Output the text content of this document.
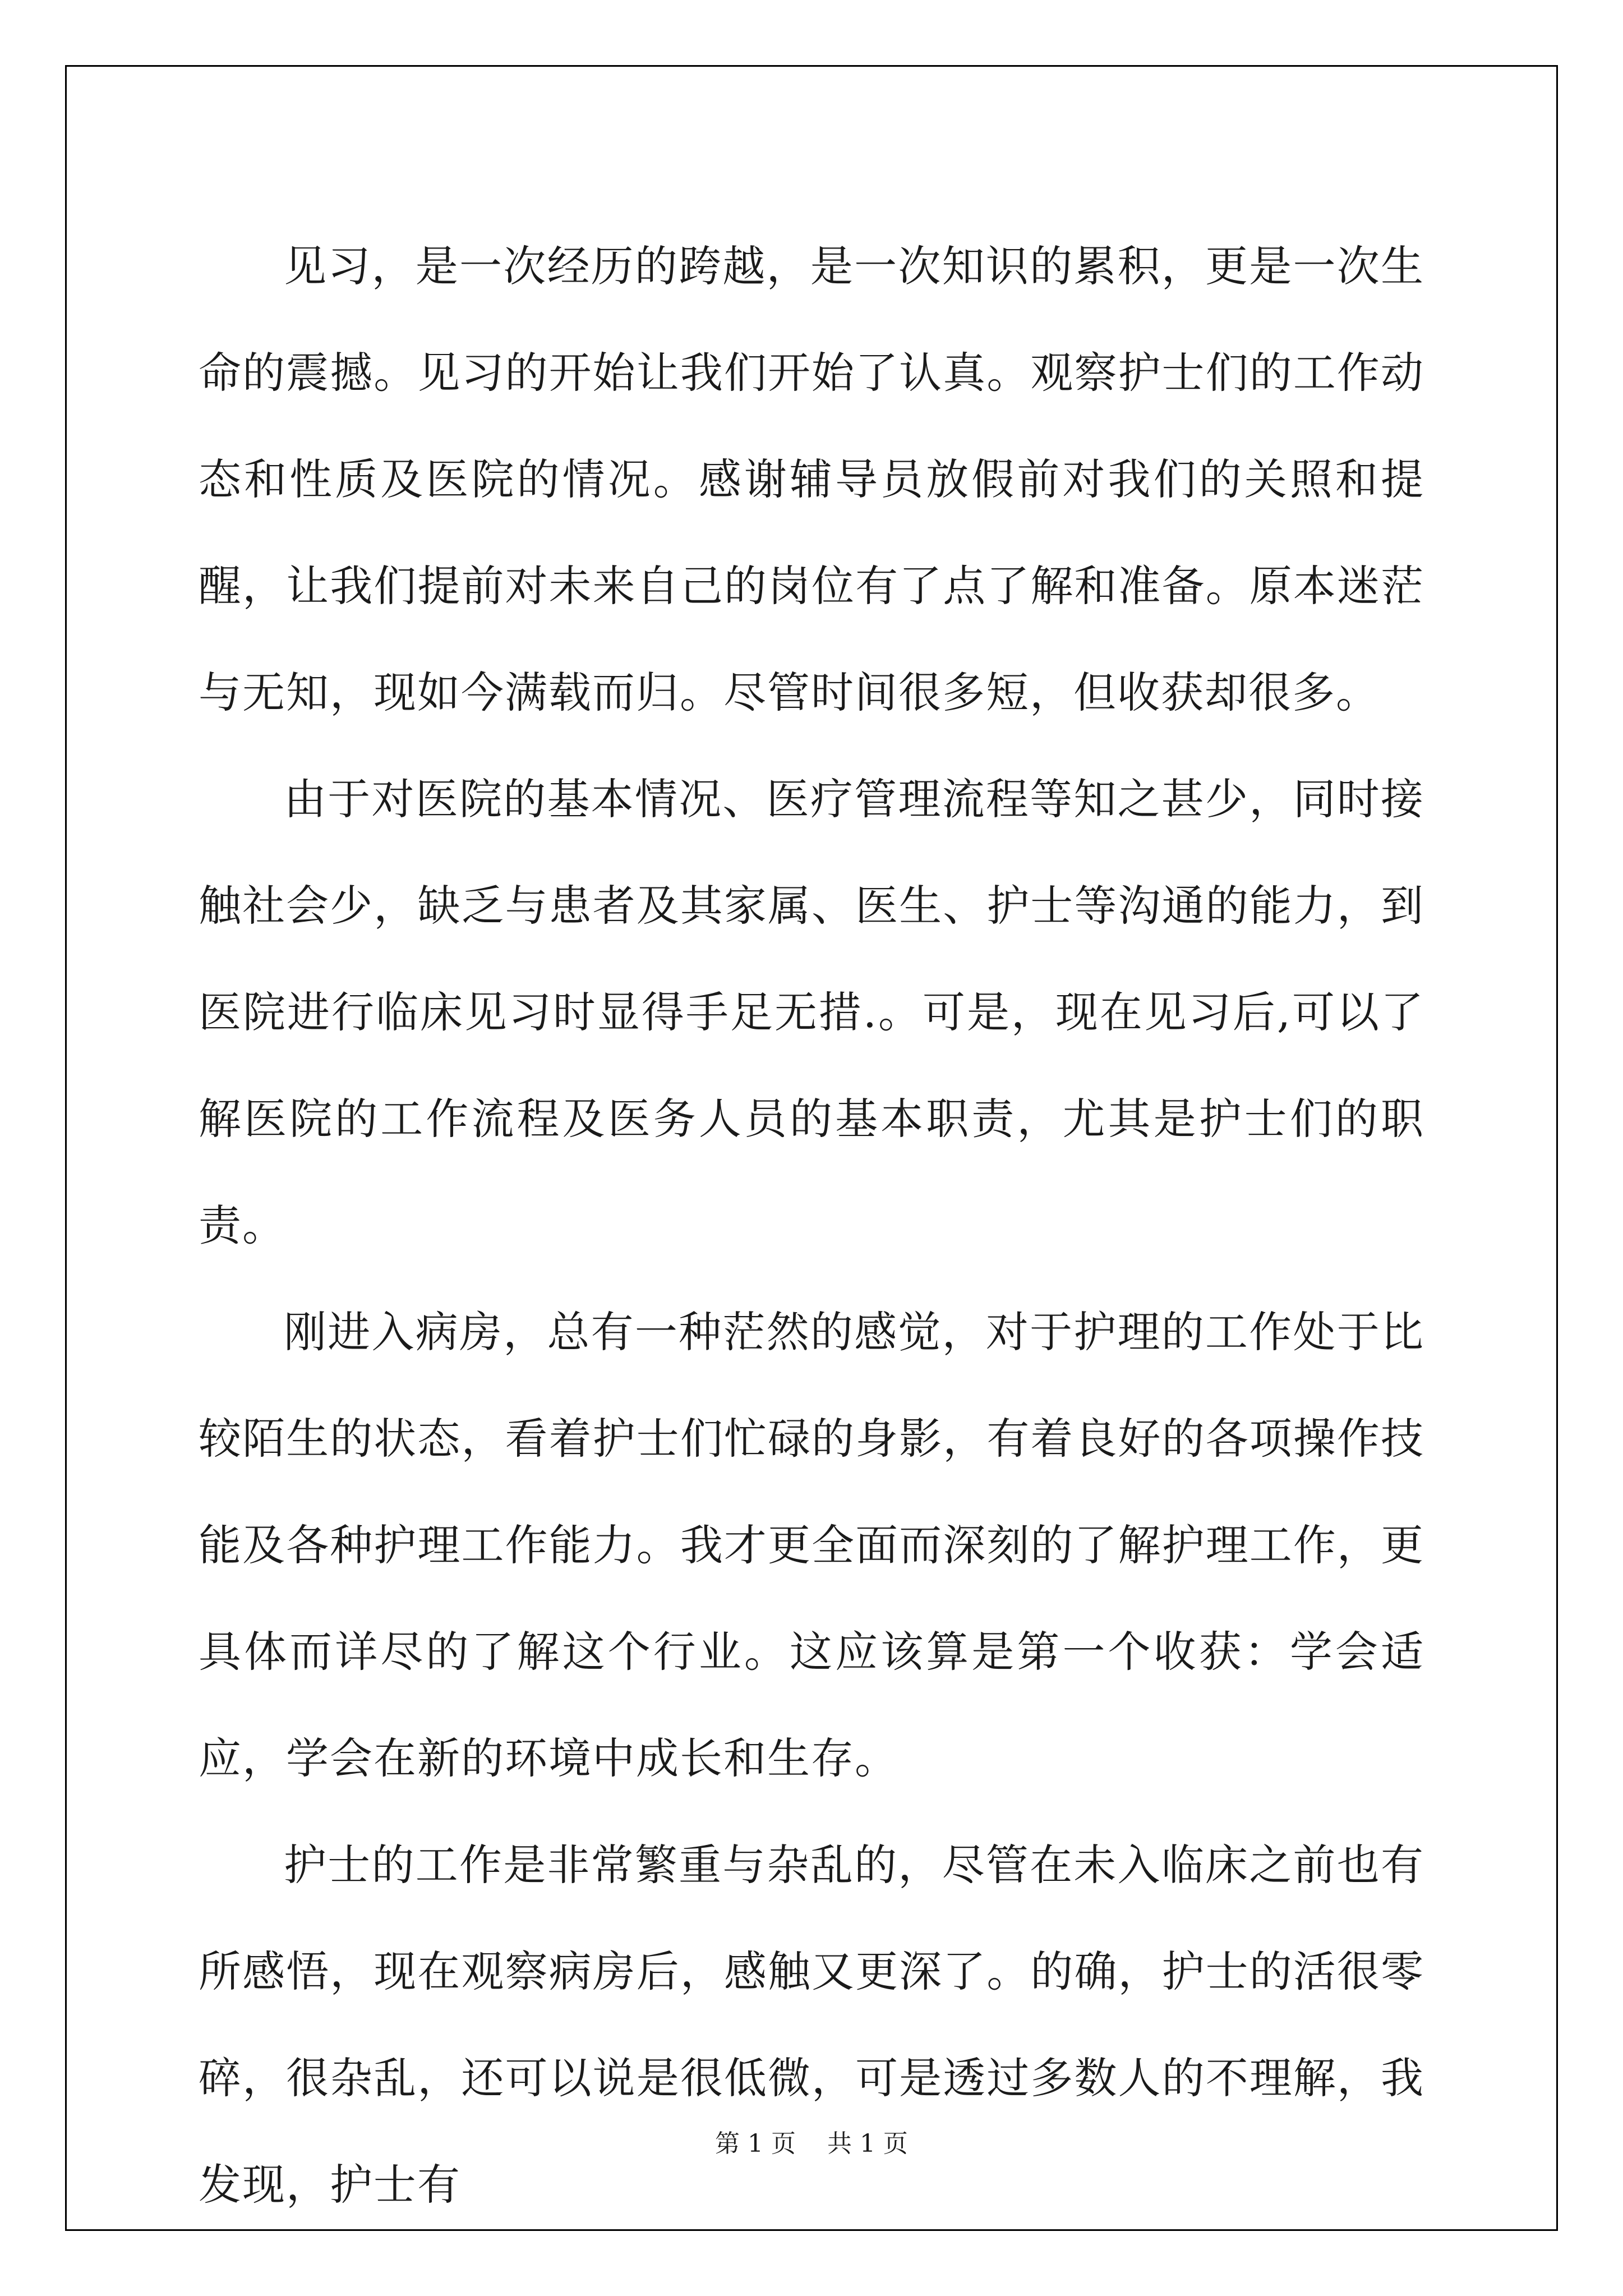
见习，是一次经历的跨越，是一次知识的累积，更是一次生命的震撼。见习的开始让我们开始了认真。观察护士们的工作动态和性质及医院的情况。感谢辅导员放假前对我们的关照和提醒，让我们提前对未来自己的岗位有了点了解和准备。原本迷茫与无知，现如今满载而归。尽管时间很多短，但收获却很多。

由于对医院的基本情况、医疗管理流程等知之甚少，同时接触社会少，缺乏与患者及其家属、医生、护士等沟通的能力，到医院进行临床见习时显得手足无措.。可是，现在见习后,可以了解医院的工作流程及医务人员的基本职责，尤其是护士们的职责。

刚进入病房，总有一种茫然的感觉，对于护理的工作处于比较陌生的状态，看着护士们忙碌的身影，有着良好的各项操作技能及各种护理工作能力。我才更全面而深刻的了解护理工作，更具体而详尽的了解这个行业。这应该算是第一个收获：学会适应，学会在新的环境中成长和生存。

护士的工作是非常繁重与杂乱的，尽管在未入临床之前也有所感悟，现在观察病房后，感触又更深了。的确，护士的活很零碎，很杂乱，还可以说是很低微，可是透过多数人的不理解，我发现，护士有

第 1 页    共 1 页
